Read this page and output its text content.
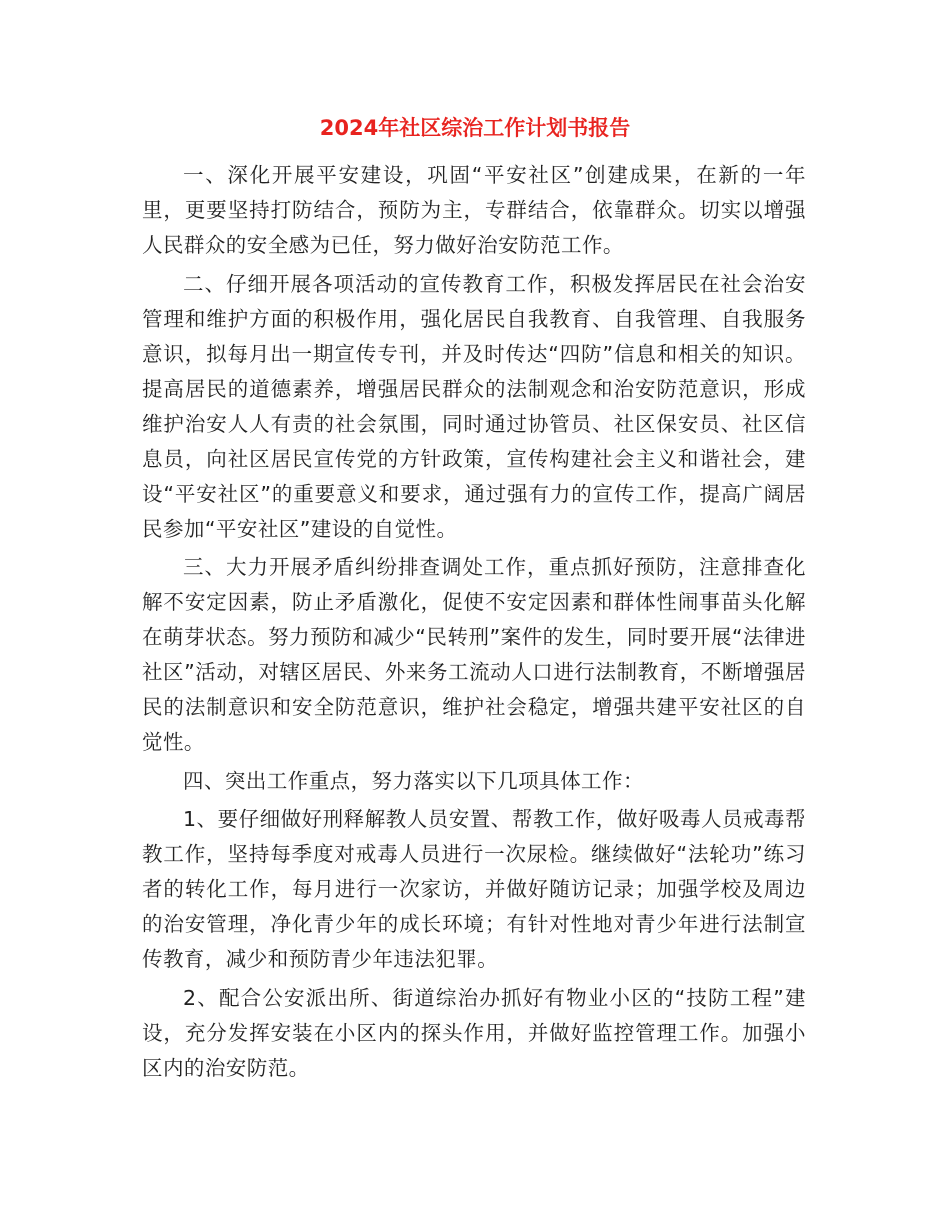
2024年社区综治工作计划书报告

一、深化开展平安建设，巩固“平安社区”创建成果，在新的一年里，更要坚持打防结合，预防为主，专群结合，依靠群众。切实以增强人民群众的安全感为已任，努力做好治安防范工作。

二、仔细开展各项活动的宣传教育工作，积极发挥居民在社会治安管理和维护方面的积极作用，强化居民自我教育、自我管理、自我服务意识，拟每月出一期宣传专刊，并及时传达“四防”信息和相关的知识。提高居民的道德素养，增强居民群众的法制观念和治安防范意识，形成维护治安人人有责的社会氛围，同时通过协管员、社区保安员、社区信息员，向社区居民宣传党的方针政策，宣传构建社会主义和谐社会，建设“平安社区”的重要意义和要求，通过强有力的宣传工作，提高广阔居民参加“平安社区”建设的自觉性。

三、大力开展矛盾纠纷排查调处工作，重点抓好预防，注意排查化解不安定因素，防止矛盾激化，促使不安定因素和群体性闹事苗头化解在萌芽状态。努力预防和减少“民转刑”案件的发生，同时要开展“法律进社区”活动，对辖区居民、外来务工流动人口进行法制教育，不断增强居民的法制意识和安全防范意识，维护社会稳定，增强共建平安社区的自觉性。

四、突出工作重点，努力落实以下几项具体工作：

1、要仔细做好刑释解教人员安置、帮教工作，做好吸毒人员戒毒帮教工作，坚持每季度对戒毒人员进行一次尿检。继续做好“法轮功”练习者的转化工作，每月进行一次家访，并做好随访记录；加强学校及周边的治安管理，净化青少年的成长环境；有针对性地对青少年进行法制宣传教育，减少和预防青少年违法犯罪。

2、配合公安派出所、街道综治办抓好有物业小区的“技防工程”建设，充分发挥安装在小区内的探头作用，并做好监控管理工作。加强小区内的治安防范。
